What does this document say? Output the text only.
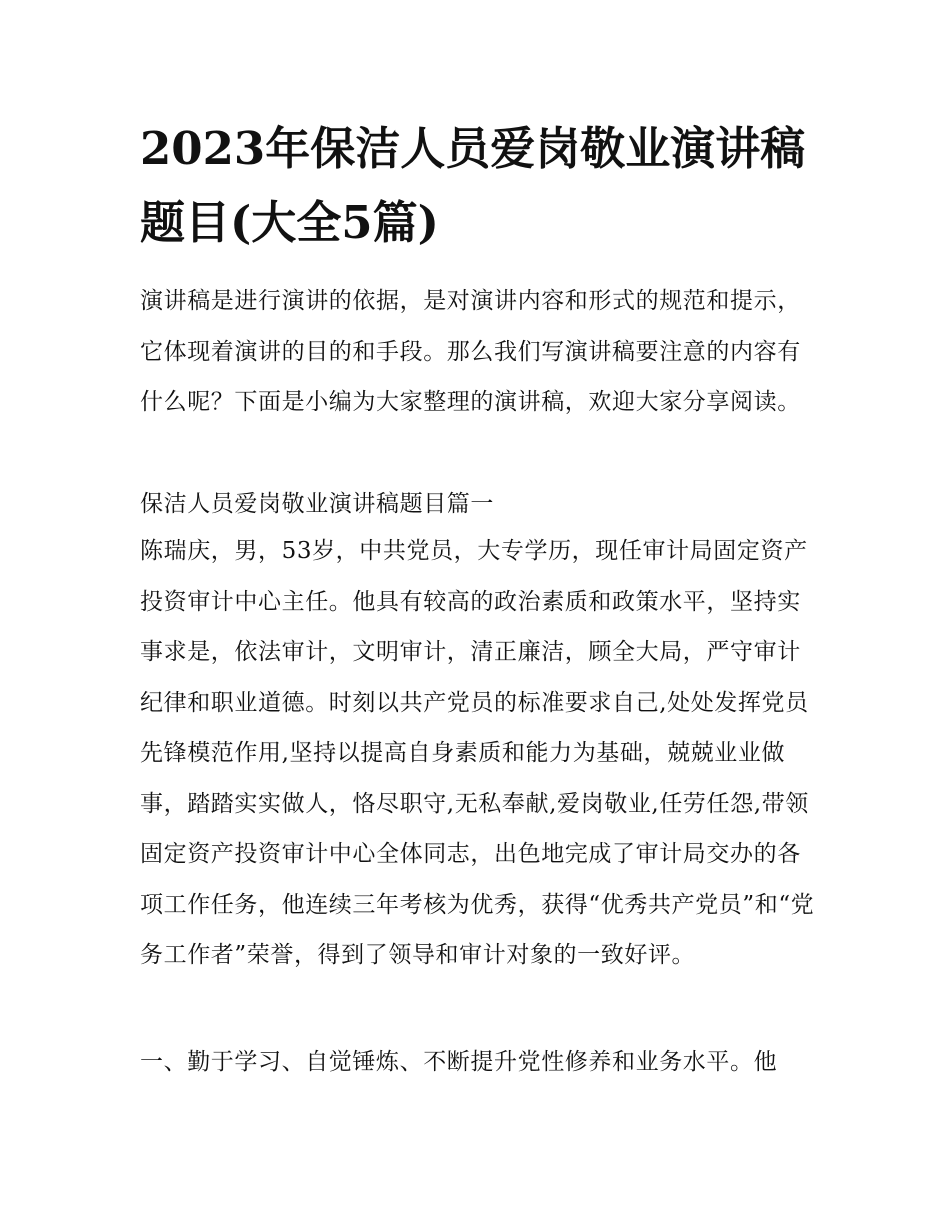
2023年保洁人员爱岗敬业演讲稿题目(大全5篇)

演讲稿是进行演讲的依据，是对演讲内容和形式的规范和提示，它体现着演讲的目的和手段。那么我们写演讲稿要注意的内容有什么呢？下面是小编为大家整理的演讲稿，欢迎大家分享阅读。

保洁人员爱岗敬业演讲稿题目篇一

陈瑞庆，男，53岁，中共党员，大专学历，现任审计局固定资产投资审计中心主任。他具有较高的政治素质和政策水平，坚持实事求是，依法审计，文明审计，清正廉洁，顾全大局，严守审计纪律和职业道德。时刻以共产党员的标准要求自己,处处发挥党员先锋模范作用,坚持以提高自身素质和能力为基础，兢兢业业做事，踏踏实实做人，恪尽职守,无私奉献,爱岗敬业,任劳任怨,带领固定资产投资审计中心全体同志，出色地完成了审计局交办的各项工作任务，他连续三年考核为优秀，获得“优秀共产党员”和“党务工作者”荣誉，得到了领导和审计对象的一致好评。

一、勤于学习、自觉锤炼、不断提升党性修养和业务水平。他
